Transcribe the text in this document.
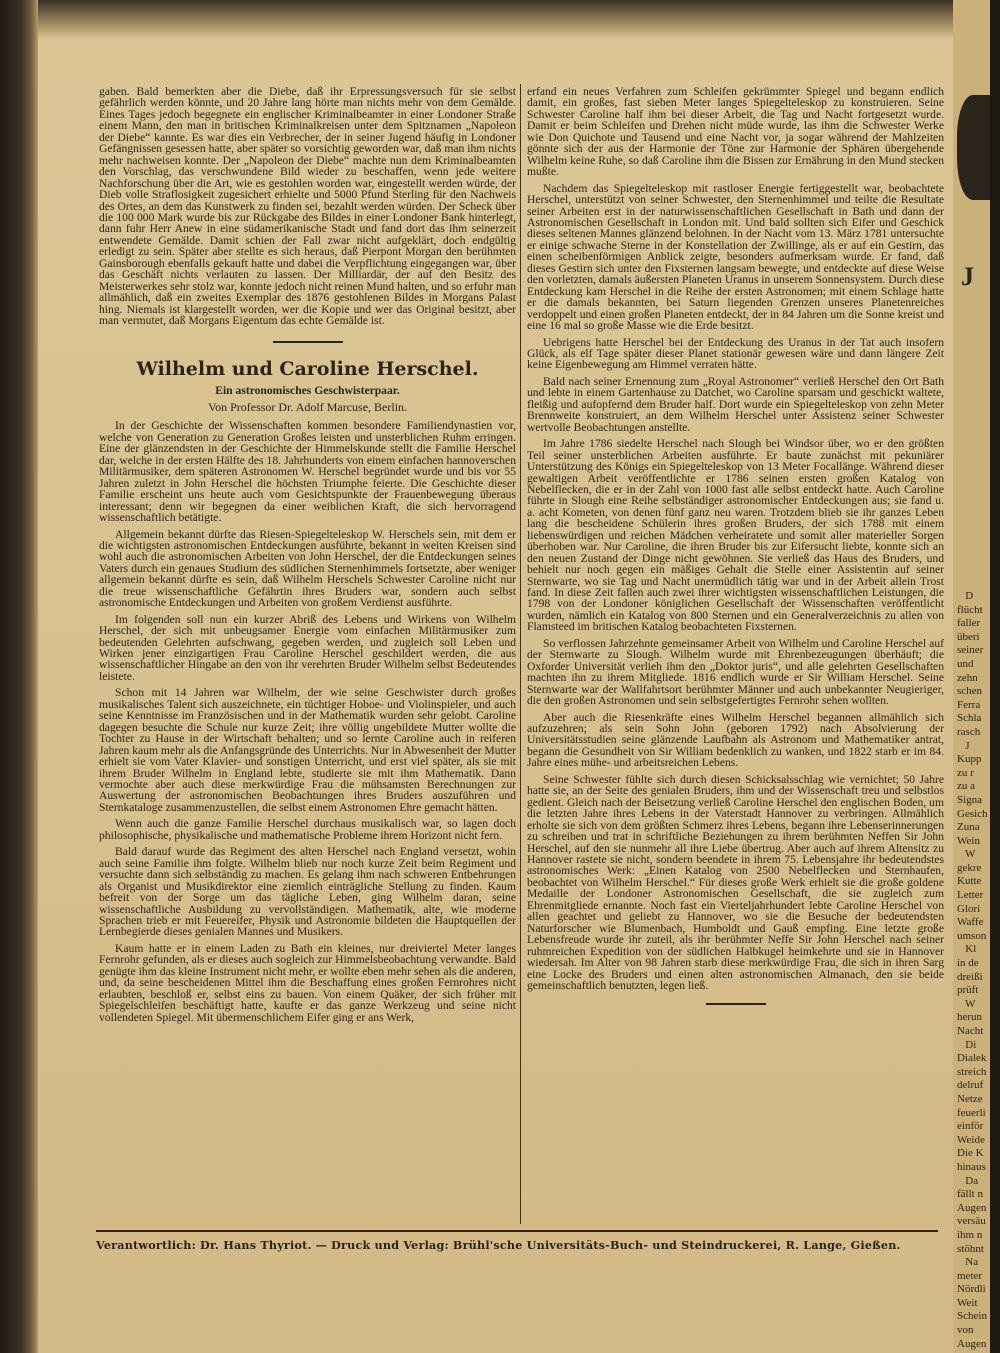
J
D
flücht
faller
überi
seiner
und
zehn
schen
Ferra
Schla
rasch
J
Kupp
zu r
zu a
Signa
Gesich
Zuna
Wein
W
gekre
Kutte
Letter
Glori
Waffe
umson
Kl
in de
dreißi
prüft
W
herun
Nacht
Di
Dialek
streich
delruf
Netze
feuerli
einför
Weide
Die K
hinaus
Da
fällt n
Augen
versäu
ihm n
stöhnt
Na
meter
Nördli
Weit
Schein
von
Augen

gaben. Bald bemerkten aber die Diebe, daß ihr Erpressungsversuch für sie selbst gefährlich werden könnte, und 20 Jahre lang hörte man nichts mehr von dem Gemälde. Eines Tages jedoch begegnete ein englischer Kriminalbeamter in einer Londoner Straße einem Mann, den man in britischen Kriminalkreisen unter dem Spitznamen „Napoleon der Diebe“ kannte. Es war dies ein Verbrecher, der in seiner Jugend häufig in Londoner Gefängnissen gesessen hatte, aber später so vorsichtig geworden war, daß man ihm nichts mehr nachweisen konnte. Der „Napoleon der Diebe“ machte nun dem Kriminalbeamten den Vorschlag, das verschwundene Bild wieder zu beschaffen, wenn jede weitere Nachforschung über die Art, wie es gestohlen worden war, eingestellt werden würde, der Dieb volle Straflosigkeit zugesichert erhielte und 5000 Pfund Sterling für den Nachweis des Ortes, an dem das Kunstwerk zu finden sei, bezahlt werden würden. Der Scheck über die 100 000 Mark wurde bis zur Rückgabe des Bildes in einer Londoner Bank hinterlegt, dann fuhr Herr Anew in eine südamerikanische Stadt und fand dort das ihm seinerzeit entwendete Gemälde. Damit schien der Fall zwar nicht aufgeklärt, doch endgültig erledigt zu sein. Später aber stellte es sich heraus, daß Pierpont Morgan den berühmten Gainsborough ebenfalls gekauft hatte und dabei die Verpflichtung eingegangen war, über das Geschäft nichts verlauten zu lassen. Der Milliardär, der auf den Besitz des Meisterwerkes sehr stolz war, konnte jedoch nicht reinen Mund halten, und so erfuhr man allmählich, daß ein zweites Exemplar des 1876 gestohlenen Bildes in Morgans Palast hing. Niemals ist klargestellt worden, wer die Kopie und wer das Original besitzt, aber man vermutet, daß Morgans Eigentum das echte Gemälde ist.

Wilhelm und Caroline Herschel.
Ein astronomisches Geschwisterpaar.
Von Professor Dr. Adolf Marcuse, Berlin.

In der Geschichte der Wissenschaften kommen besondere Familiendynastien vor, welche von Generation zu Generation Großes leisten und unsterblichen Ruhm erringen. Eine der glänzendsten in der Geschichte der Himmelskunde stellt die Familie Herschel dar, welche in der ersten Hälfte des 18. Jahrhunderts von einem einfachen hannoverschen Militärmusiker, dem späteren Astronomen W. Herschel begründet wurde und bis vor 55 Jahren zuletzt in John Herschel die höchsten Triumphe feierte. Die Geschichte dieser Familie erscheint uns heute auch vom Gesichtspunkte der Frauenbewegung überaus interessant; denn wir begegnen da einer weiblichen Kraft, die sich hervorragend wissenschaftlich betätigte.

Allgemein bekannt dürfte das Riesen-Spiegelteleskop W. Herschels sein, mit dem er die wichtigsten astronomischen Entdeckungen ausführte, bekannt in weiten Kreisen sind wohl auch die astronomischen Arbeiten von John Herschel, der die Entdeckungen seines Vaters durch ein genaues Studium des südlichen Sternenhimmels fortsetzte, aber weniger allgemein bekannt dürfte es sein, daß Wilhelm Herschels Schwester Caroline nicht nur die treue wissenschaftliche Gefährtin ihres Bruders war, sondern auch selbst astronomische Entdeckungen und Arbeiten von großem Verdienst ausführte.

Im folgenden soll nun ein kurzer Abriß des Lebens und Wirkens von Wilhelm Herschel, der sich mit unbeugsamer Energie vom einfachen Militärmusiker zum bedeutenden Gelehrten aufschwang, gegeben werden, und zugleich soll Leben und Wirken jener einzigartigen Frau Caroline Herschel geschildert werden, die aus wissenschaftlicher Hingabe an den von ihr verehrten Bruder Wilhelm selbst Bedeutendes leistete.

Schon mit 14 Jahren war Wilhelm, der wie seine Geschwister durch großes musikalisches Talent sich auszeichnete, ein tüchtiger Hoboe- und Violinspieler, und auch seine Kenntnisse im Französischen und in der Mathematik wurden sehr gelobt. Caroline dagegen besuchte die Schule nur kurze Zeit; ihre völlig ungebildete Mutter wollte die Tochter zu Hause in der Wirtschaft behalten; und so lernte Caroline auch in reiferen Jahren kaum mehr als die Anfangsgründe des Unterrichts. Nur in Abwesenheit der Mutter erhielt sie vom Vater Klavier- und sonstigen Unterricht, und erst viel später, als sie mit ihrem Bruder Wilhelm in England lebte, studierte sie mit ihm Mathematik. Dann vermochte aber auch diese merkwürdige Frau die mühsamsten Berechnungen zur Auswertung der astronomischen Beobachtungen ihres Bruders auszuführen und Sternkataloge zusammenzustellen, die selbst einem Astronomen Ehre gemacht hätten.

Wenn auch die ganze Familie Herschel durchaus musikalisch war, so lagen doch philosophische, physikalische und mathematische Probleme ihrem Horizont nicht fern.

Bald darauf wurde das Regiment des alten Herschel nach England versetzt, wohin auch seine Familie ihm folgte. Wilhelm blieb nur noch kurze Zeit beim Regiment und versuchte dann sich selbständig zu machen. Es gelang ihm nach schweren Entbehrungen als Organist und Musikdirektor eine ziemlich einträgliche Stellung zu finden. Kaum befreit von der Sorge um das tägliche Leben, ging Wilhelm daran, seine wissenschaftliche Ausbildung zu vervollständigen. Mathematik, alte, wie moderne Sprachen trieb er mit Feuereifer, Physik und Astronomie bildeten die Hauptquellen der Lernbegierde dieses genialen Mannes und Musikers.

Kaum hatte er in einem Laden zu Bath ein kleines, nur dreiviertel Meter langes Fernrohr gefunden, als er dieses auch sogleich zur Himmelsbeobachtung verwandte. Bald genügte ihm das kleine Instrument nicht mehr, er wollte eben mehr sehen als die anderen, und, da seine bescheidenen Mittel ihm die Beschaffung eines großen Fernrohres nicht erlaubten, beschloß er, selbst eins zu bauen. Von einem Quäker, der sich früher mit Spiegelschleifen beschäftigt hatte, kaufte er das ganze Werkzeug und seine nicht vollendeten Spiegel. Mit übermenschlichem Eifer ging er ans Werk,

erfand ein neues Verfahren zum Schleifen gekrümmter Spiegel und begann endlich damit, ein großes, fast sieben Meter langes Spiegelteleskop zu konstruieren. Seine Schwester Caroline half ihm bei dieser Arbeit, die Tag und Nacht fortgesetzt wurde. Damit er beim Schleifen und Drehen nicht müde wurde, las ihm die Schwester Werke wie Don Quichote und Tausend und eine Nacht vor, ja sogar während der Mahlzeiten gönnte sich der aus der Harmonie der Töne zur Harmonie der Sphären übergehende Wilhelm keine Ruhe, so daß Caroline ihm die Bissen zur Ernährung in den Mund stecken mußte.

Nachdem das Spiegelteleskop mit rastloser Energie fertiggestellt war, beobachtete Herschel, unterstützt von seiner Schwester, den Sternenhimmel und teilte die Resultate seiner Arbeiten erst in der naturwissenschaftlichen Gesellschaft in Bath und dann der Astronomischen Gesellschaft in London mit. Und bald sollten sich Eifer und Geschick dieses seltenen Mannes glänzend belohnen. In der Nacht vom 13. März 1781 untersuchte er einige schwache Sterne in der Konstellation der Zwillinge, als er auf ein Gestirn, das einen scheibenförmigen Anblick zeigte, besonders aufmerksam wurde. Er fand, daß dieses Gestirn sich unter den Fixsternen langsam bewegte, und entdeckte auf diese Weise den vorletzten, damals äußersten Planeten Uranus in unserem Sonnensystem. Durch diese Entdeckung kam Herschel in die Reihe der ersten Astronomen; mit einem Schlage hatte er die damals bekannten, bei Saturn liegenden Grenzen unseres Planetenreiches verdoppelt und einen großen Planeten entdeckt, der in 84 Jahren um die Sonne kreist und eine 16 mal so große Masse wie die Erde besitzt.

Uebrigens hatte Herschel bei der Entdeckung des Uranus in der Tat auch insofern Glück, als elf Tage später dieser Planet stationär gewesen wäre und dann längere Zeit keine Eigenbewegung am Himmel verraten hätte.

Bald nach seiner Ernennung zum „Royal Astronomer“ verließ Herschel den Ort Bath und lebte in einem Gartenhause zu Datchet, wo Caroline sparsam und geschickt waltete, fleißig und aufopfernd dem Bruder half. Dort wurde ein Spiegelteleskop von zehn Meter Brennweite konstruiert, an dem Wilhelm Herschel unter Assistenz seiner Schwester wertvolle Beobachtungen anstellte.

Im Jahre 1786 siedelte Herschel nach Slough bei Windsor über, wo er den größten Teil seiner unsterblichen Arbeiten ausführte. Er baute zunächst mit pekuniärer Unterstützung des Königs ein Spiegelteleskop von 13 Meter Focallänge. Während dieser gewaltigen Arbeit veröffentlichte er 1786 seinen ersten großen Katalog von Nebelflecken, die er in der Zahl von 1000 fast alle selbst entdeckt hatte. Auch Caroline führte in Slough eine Reihe selbständiger astronomischer Entdeckungen aus; sie fand u. a. acht Kometen, von denen fünf ganz neu waren. Trotzdem blieb sie ihr ganzes Leben lang die bescheidene Schülerin ihres großen Bruders, der sich 1788 mit einem liebenswürdigen und reichen Mädchen verheiratete und somit aller materieller Sorgen überhoben war. Nur Caroline, die ihren Bruder bis zur Eifersucht liebte, konnte sich an den neuen Zustand der Dinge nicht gewöhnen. Sie verließ das Haus des Bruders, und behielt nur noch gegen ein mäßiges Gehalt die Stelle einer Assistentin auf seiner Sternwarte, wo sie Tag und Nacht unermüdlich tätig war und in der Arbeit allein Trost fand. In diese Zeit fallen auch zwei ihrer wichtigsten wissenschaftlichen Leistungen, die 1798 von der Londoner königlichen Gesellschaft der Wissenschaften veröffentlicht wurden, nämlich ein Katalog von 800 Sternen und ein Generalverzeichnis zu allen von Flamsteed im britischen Katalog beobachteten Fixsternen.

So verflossen Jahrzehnte gemeinsamer Arbeit von Wilhelm und Caroline Herschel auf der Sternwarte zu Slough. Wilhelm wurde mit Ehrenbezeugungen überhäuft; die Oxforder Universität verlieh ihm den „Doktor juris“, und alle gelehrten Gesellschaften machten ihn zu ihrem Mitgliede. 1816 endlich wurde er Sir William Herschel. Seine Sternwarte war der Wallfahrtsort berühmter Männer und auch unbekannter Neugieriger, die den großen Astronomen und sein selbstgefertigtes Fernrohr sehen wollten.

Aber auch die Riesenkräfte eines Wilhelm Herschel begannen allmählich sich aufzuzehren; als sein Sohn John (geboren 1792) nach Absolvierung der Universitätsstudien seine glänzende Laufbahn als Astronom und Mathematiker antrat, begann die Gesundheit von Sir William bedenklich zu wanken, und 1822 starb er im 84. Jahre eines mühe- und arbeitsreichen Lebens.

Seine Schwester fühlte sich durch diesen Schicksalsschlag wie vernichtet; 50 Jahre hatte sie, an der Seite des genialen Bruders, ihm und der Wissenschaft treu und selbstlos gedient. Gleich nach der Beisetzung verließ Caroline Herschel den englischen Boden, um die letzten Jahre ihres Lebens in der Vaterstadt Hannover zu verbringen. Allmählich erholte sie sich von dem größten Schmerz ihres Lebens, begann ihre Lebenserinnerungen zu schreiben und trat in schriftliche Beziehungen zu ihrem berühmten Neffen Sir John Herschel, auf den sie nunmehr all ihre Liebe übertrug. Aber auch auf ihrem Altensitz zu Hannover rastete sie nicht, sondern beendete in ihrem 75. Lebensjahre ihr bedeutendstes astronomisches Werk: „Einen Katalog von 2500 Nebelflecken und Sternhaufen, beobachtet von Wilhelm Herschel.“ Für dieses große Werk erhielt sie die große goldene Medaille der Londoner Astronomischen Gesellschaft, die sie zugleich zum Ehrenmitgliede ernannte. Noch fast ein Vierteljahrhundert lebte Caroline Herschel von allen geachtet und geliebt zu Hannover, wo sie die Besuche der bedeutendsten Naturforscher wie Blumenbach, Humboldt und Gauß empfing. Eine letzte große Lebensfreude wurde ihr zuteil, als ihr berühmter Neffe Sir John Herschel nach seiner ruhmreichen Expedition von der südlichen Halbkugel heimkehrte und sie in Hannover wiedersah. Im Alter von 98 Jahren starb diese merkwürdige Frau, die sich in ihren Sarg eine Locke des Bruders und einen alten astronomischen Almanach, den sie beide gemeinschaftlich benutzten, legen ließ.

Verantwortlich: Dr. Hans Thyriot. — Druck und Verlag: Brühl'sche Universitäts-Buch- und Steindruckerei, R. Lange, Gießen.
